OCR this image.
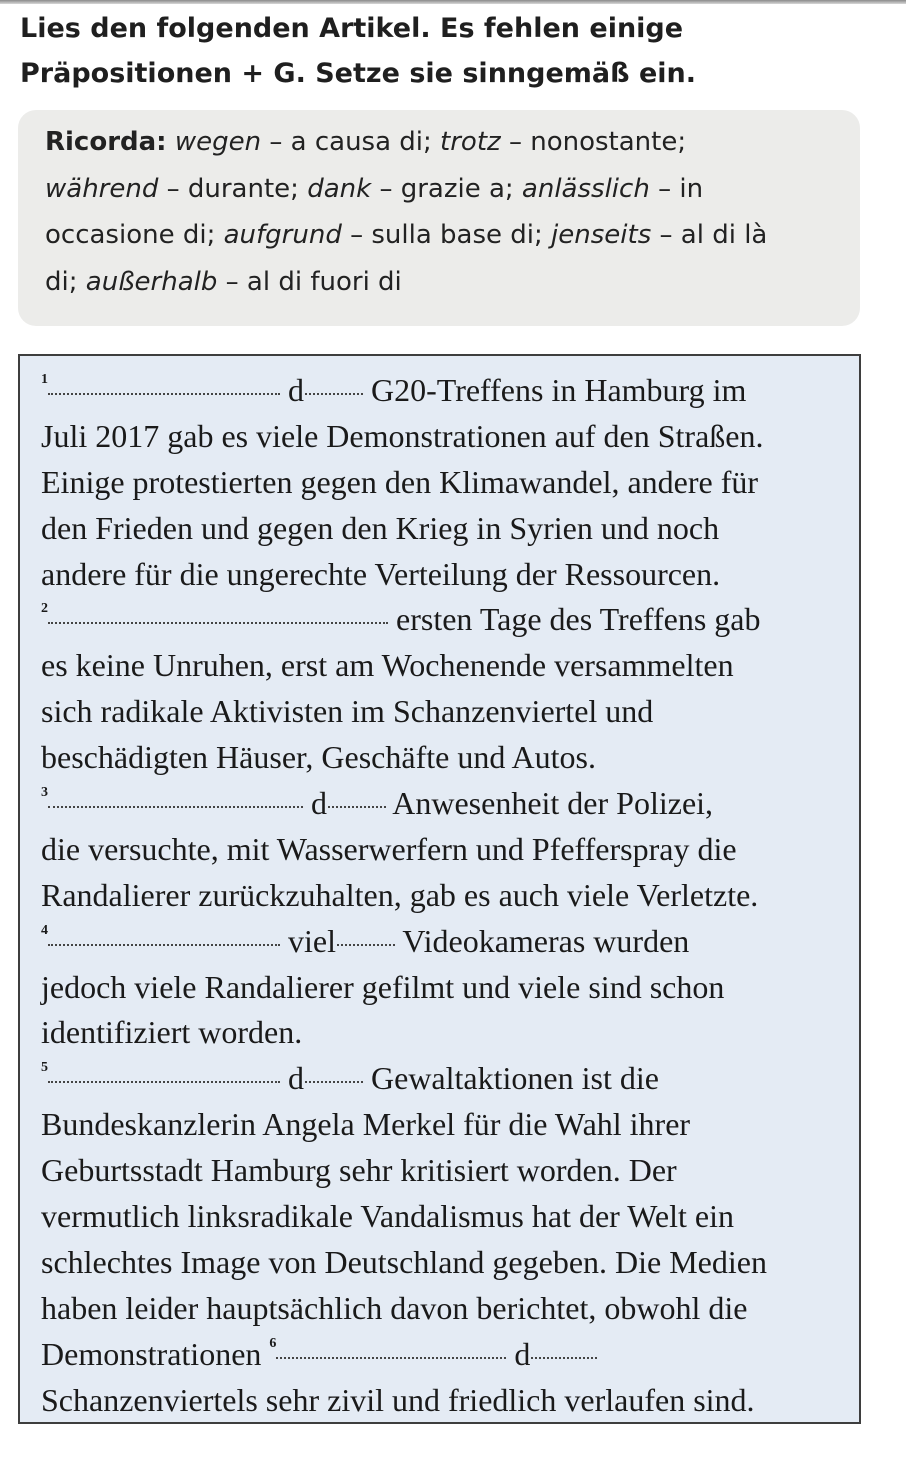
Lies den folgenden Artikel. Es fehlen einige
Präpositionen + G. Setze sie sinngemäß ein.
Ricorda: wegen – a causa di; trotz – nonostante;
während – durante; dank – grazie a; anlässlich – in
occasione di; aufgrund – sulla base di; jenseits – al di là
di; außerhalb – al di fuori di
$^1$	d G20-Treffens in Hamburg im
Juli 2017 gab es viele Demonstrationen auf den Straßen.
Einige protestierten gegen den Klimawandel, andere für
den Frieden und gegen den Krieg in Syrien und noch
andere für die ungerechte Verteilung der Ressourcen.
$^2$	ersten Tage des Treffens gab
es keine Unruhen, erst am Wochenende versammelten
sich radikale Aktivisten im Schanzenviertel und
beschädigten Häuser, Geschäfte und Autos.
$^3$	d Anwesenheit der Polizei,
die versuchte, mit Wasserwerfern und Pfefferspray die
Randalierer zurückzuhalten, gab es auch viele Verletzte.
$^4$	viel Videokameras wurden
jedoch viele Randalierer gefilmt und viele sind schon
identifiziert worden.
$^5$	d Gewaltaktionen ist die
Bundeskanzlerin Angela Merkel für die Wahl ihrer
Geburtsstadt Hamburg sehr kritisiert worden. Der
vermutlich linksradikale Vandalismus hat der Welt ein
schlechtes Image von Deutschland gegeben. Die Medien
haben leider hauptsächlich davon berichtet, obwohl die
Demonstrationen $^6$	d
Schanzenviertels sehr zivil und friedlich verlaufen sind.
